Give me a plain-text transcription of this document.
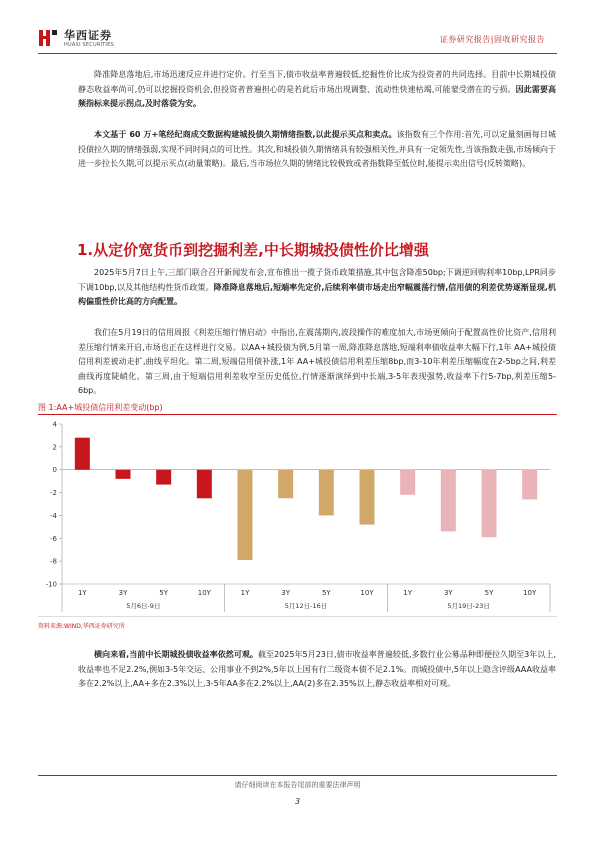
华西证券
HUAXI SECURITIES
证券研究报告|固收研究报告

降准降息落地后,市场迅速反应并进行定价。行至当下,债市收益率普遍较低,挖掘性价比成为投资者的共同选择。目前中长期城投债静态收益率尚可,仍可以挖掘投资机会,但投资者普遍担心的是若此后市场出现调整、流动性快速枯竭,可能蒙受潜在的亏损。因此需要高频指标来提示拐点,及时落袋为安。

本文基于 60 万+笔经纪商成交数据构建城投债久期情绪指数,以此提示买点和卖点。该指数有三个作用:首先,可以定量刻画每日城投债拉久期的情绪强弱,实现不同时间点的可比性。其次,和城投债久期情绪具有较强相关性,并具有一定领先性,当该指数走强,市场倾向于进一步拉长久期,可以提示买点(动量策略)。最后,当市场拉久期的情绪比较极致或者指数降至低位时,能提示卖出信号(反转策略)。

1.从定价宽货币到挖掘利差,中长期城投债性价比增强

2025年5月7日上午,三部门联合召开新闻发布会,宣布推出一揽子货币政策措施,其中包含降准50bp;下调逆回购利率10bp,LPR同步下调10bp,以及其他结构性货币政策。降准降息落地后,短端率先定价,后续利率债市场走出窄幅震荡行情,信用债的利差优势逐渐显现,机构偏重性价比高的方向配置。

我们在5月19日的信用周报《利差压缩行情启动》中指出,在震荡期内,波段操作的难度加大,市场更倾向于配置高性价比资产,信用利差压缩行情来开启,市场也正在这样进行交易。以AA+城投债为例,5月第一周,降准降息落地,短端利率债收益率大幅下行,1年 AA+城投债信用利差被动走扩,曲线平坦化。第二周,短端信用债补涨,1年 AA+城投债信用利差压缩8bp,而3-10年利差压缩幅度在2-5bp之间,利差曲线再度陡峭化。第三周,由于短端信用利差收窄至历史低位,行情逐渐演绎到中长端,3-5年表现强势,收益率下行5-7bp,利差压缩5-6bp。

图 1:AA+城投债信用利差变动(bp)
4
2
0
-2
-4
-6
-8
-10
1Y	3Y	5Y	10Y
5月6日-9日
1Y	3Y	5Y	10Y
5月12日-16日
1Y	3Y	5Y	10Y
5月19日-23日
资料来源:WIND,华西证券研究所

横向来看,当前中长期城投债收益率依然可观。截至2025年5月23日,债市收益率普遍较低,多数行业公募品种即便拉久期至3年以上,收益率也不足2.2%,例如3-5年交运、公用事业不到2%,5年以上国有行二级资本债不足2.1%。而城投债中,5年以上隐含评级AAA收益率多在2.2%以上,AA+多在2.3%以上,3-5年AA多在2.2%以上,AA(2)多在2.35%以上,静态收益率相对可观。

请仔细阅读在本报告尾部的重要法律声明
3
